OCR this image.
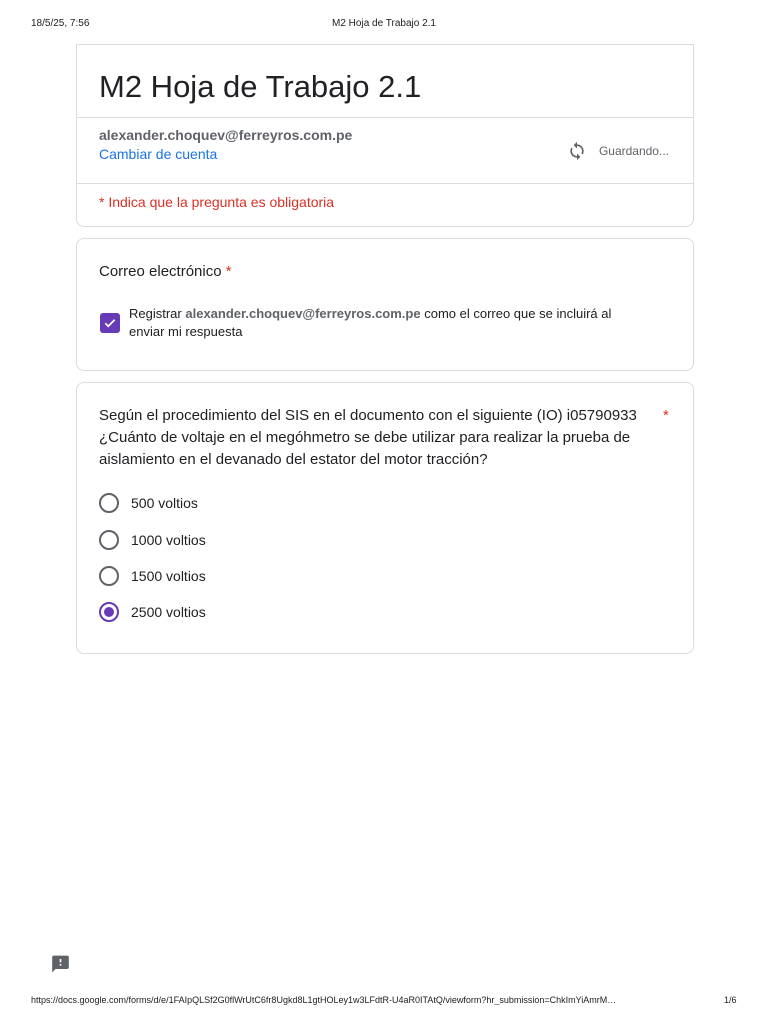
18/5/25, 7:56	M2 Hoja de Trabajo 2.1
M2 Hoja de Trabajo 2.1
alexander.choquev@ferreyros.com.pe
Cambiar de cuenta	Guardando...
* Indica que la pregunta es obligatoria
Correo electrónico *
Registrar alexander.choquev@ferreyros.com.pe como el correo que se incluirá al enviar mi respuesta
Según el procedimiento del SIS en el documento con el siguiente (IO) i05790933 ¿Cuánto de voltaje en el megóhmetro se debe utilizar para realizar la prueba de aislamiento en el devanado del estator del motor tracción?
*
500 voltios
1000 voltios
1500 voltios
2500 voltios
https://docs.google.com/forms/d/e/1FAIpQLSf2G0flWrUtC6fr8Ugkd8L1gtHOLey1w3LFdtR-U4aR0ITAtQ/viewform?hr_submission=ChkImYiAmrM…	1/6
